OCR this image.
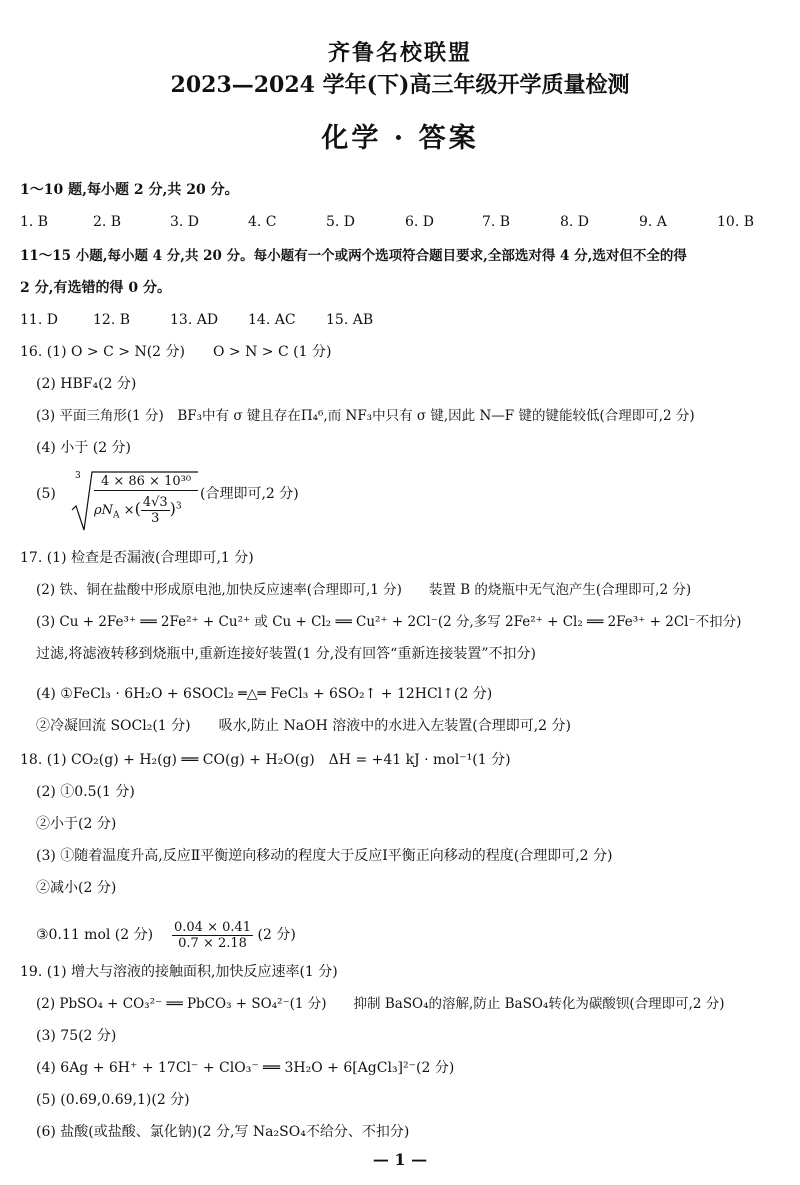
齐鲁名校联盟
2023—2024 学年(下)高三年级开学质量检测
化学 · 答案
1～10 题,每小题 2 分,共 20 分。
1. B	2. B	3. D	4. C	5. D	6. D	7. B	8. D	9. A	10. B
11～15 小题,每小题 4 分,共 20 分。每小题有一个或两个选项符合题目要求,全部选对得 4 分,选对但不全的得
2 分,有选错的得 0 分。
11. D	12. B	13. AD 14. AC 15. AB
16. (1) O > C > N(2 分)　　O > N > C (1 分)
(2) HBF₄(2 分)
(3) 平面三角形(1 分)　BF₃中有 σ 键且存在Π₄⁶,而 NF₃中只有 σ 键,因此 N—F 键的键能较低(合理即可,2 分)
(4) 小于 (2 分)
(5)
3	4 × 86 × 10³⁰
$\rho N_A$ ×( $\frac{4√3}{3} )^3$
(合理即可,2 分)
17. (1) 检查是否漏液(合理即可,1 分)
(2) 铁、铜在盐酸中形成原电池,加快反应速率(合理即可,1 分)　　装置 B 的烧瓶中无气泡产生(合理即可,2 分)
(3) Cu + 2Fe³⁺ ══ 2Fe²⁺ + Cu²⁺ 或 Cu + Cl₂ ══ Cu²⁺ + 2Cl⁻(2 分,多写 2Fe²⁺ + Cl₂ ══ 2Fe³⁺ + 2Cl⁻不扣分)
过滤,将滤液转移到烧瓶中,重新连接好装置(1 分,没有回答“重新连接装置”不扣分)
(4) ①FeCl₃ · 6H₂O + 6SOCl₂ ═△═ FeCl₃ + 6SO₂↑ + 12HCl↑(2 分)
②冷凝回流 SOCl₂(1 分)　　吸水,防止 NaOH 溶液中的水进入左装置(合理即可,2 分)
18. (1) CO₂(g) + H₂(g) ══ CO(g) + H₂O(g)　ΔH = +41 kJ · mol⁻¹(1 分)
(2) ①0.5(1 分)
②小于(2 分)
(3) ①随着温度升高,反应Ⅱ平衡逆向移动的程度大于反应Ⅰ平衡正向移动的程度(合理即可,2 分)
②减小(2 分)
③0.11 mol (2 分) $\frac{0.04 \times 0.41}{0.7 \times 2.18} (2$ 分)
19. (1) 增大与溶液的接触面积,加快反应速率(1 分)
(2) PbSO₄ + CO₃²⁻ ══ PbCO₃ + SO₄²⁻(1 分)　　抑制 BaSO₄的溶解,防止 BaSO₄转化为碳酸钡(合理即可,2 分)
(3) 75(2 分)
(4) 6Ag + 6H⁺ + 17Cl⁻ + ClO₃⁻ ══ 3H₂O + 6[AgCl₃]²⁻(2 分)
(5) (0.69,0.69,1)(2 分)
(6) 盐酸(或盐酸、氯化钠)(2 分,写 Na₂SO₄不给分、不扣分)
— 1 —
